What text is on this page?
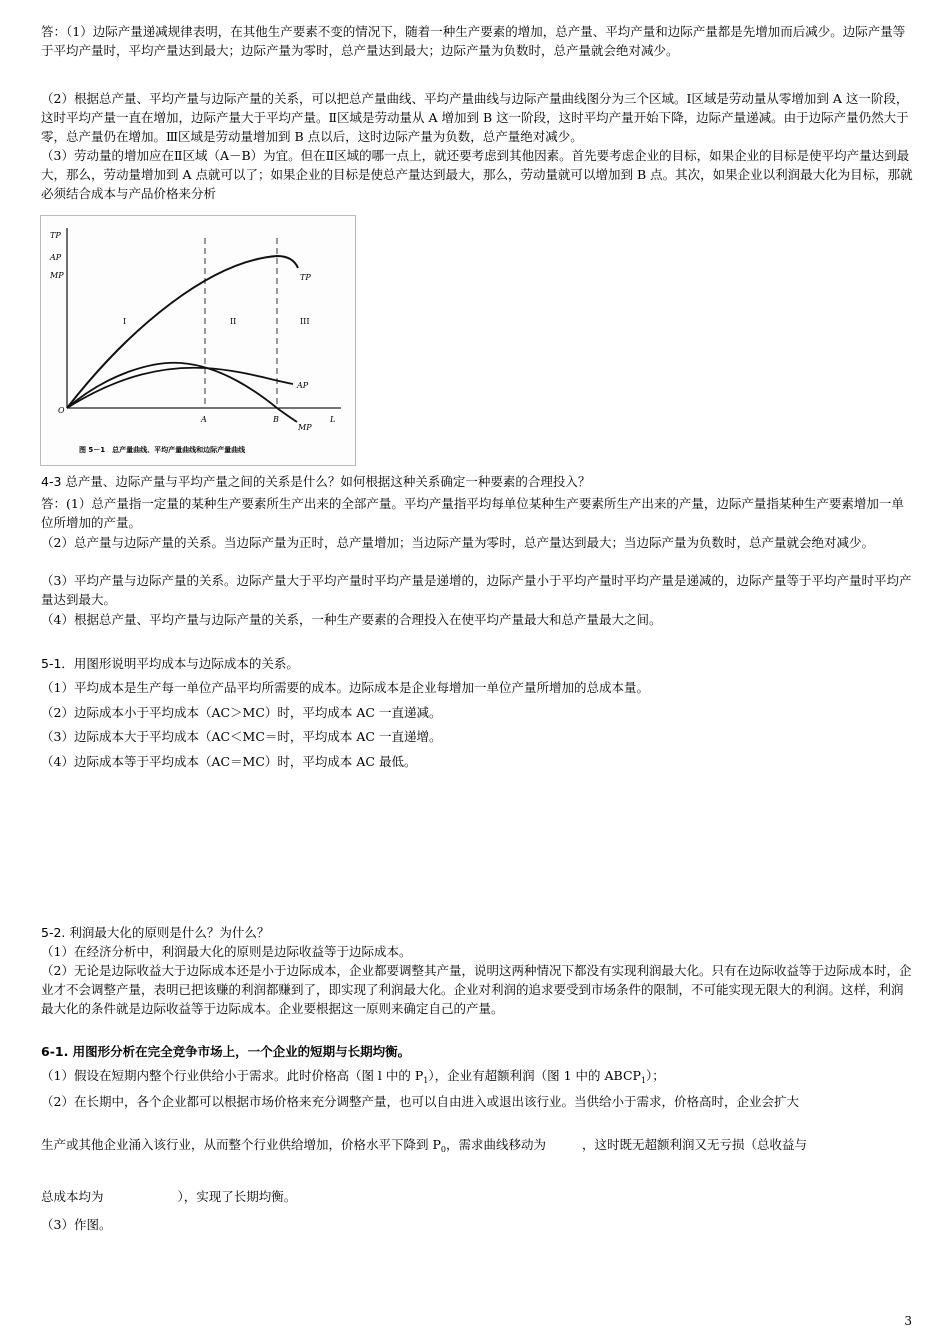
答：（1）边际产量递减规律表明，在其他生产要素不变的情况下，随着一种生产要素的增加，总产量、平均产量和边际产量都是先增加而后减少。边际产量等于平均产量时，平均产量达到最大；边际产量为零时，总产量达到最大；边际产量为负数时，总产量就会绝对减少。
（2）根据总产量、平均产量与边际产量的关系，可以把总产量曲线、平均产量曲线与边际产量曲线图分为三个区域。Ⅰ区域是劳动量从零增加到 A 这一阶段，这时平均产量一直在增加，边际产量大于平均产量。Ⅱ区域是劳动量从 A 增加到 B 这一阶段，这时平均产量开始下降，边际产量递减。由于边际产量仍然大于零，总产量仍在增加。Ⅲ区域是劳动量增加到 B 点以后，这时边际产量为负数，总产量绝对减少。
（3）劳动量的增加应在Ⅱ区域（A－B）为宜。但在Ⅱ区域的哪一点上，就还要考虑到其他因素。首先要考虑企业的目标，如果企业的目标是使平均产量达到最大，那么，劳动量增加到 A 点就可以了；如果企业的目标是使总产量达到最大，那么，劳动量就可以增加到 B 点。其次，如果企业以利润最大化为目标，那就必须结合成本与产品价格来分析
TP
AP
MP
O
A	B	L
I	II	III
TP
AP
MP
图 5－1　总产量曲线、平均产量曲线和边际产量曲线
4-3 总产量、边际产量与平均产量之间的关系是什么？如何根据这种关系确定一种要素的合理投入？
答：(1）总产量指一定量的某种生产要素所生产出来的全部产量。平均产量指平均每单位某种生产要素所生产出来的产量，边际产量指某种生产要素增加一单位所增加的产量。
（2）总产量与边际产量的关系。当边际产量为正时，总产量增加；当边际产量为零时，总产量达到最大；当边际产量为负数时，总产量就会绝对减少。
（3）平均产量与边际产量的关系。边际产量大于平均产量时平均产量是递增的，边际产量小于平均产量时平均产量是递减的，边际产量等于平均产量时平均产量达到最大。
（4）根据总产量、平均产量与边际产量的关系，一种生产要素的合理投入在使平均产量最大和总产量最大之间。
5-1．用图形说明平均成本与边际成本的关系。
（1）平均成本是生产每一单位产品平均所需要的成本。边际成本是企业每增加一单位产量所增加的总成本量。
（2）边际成本小于平均成本（AC＞MC）时，平均成本 AC 一直递减。
（3）边际成本大于平均成本（AC＜MC＝时，平均成本 AC 一直递增。
（4）边际成本等于平均成本（AC＝MC）时，平均成本 AC 最低。
5-2. 利润最大化的原则是什么？为什么？
（1）在经济分析中，利润最大化的原则是边际收益等于边际成本。
（2）无论是边际收益大于边际成本还是小于边际成本，企业都要调整其产量，说明这两种情况下都没有实现利润最大化。只有在边际收益等于边际成本时，企业才不会调整产量，表明已把该赚的利润都赚到了，即实现了利润最大化。企业对利润的追求要受到市场条件的限制，不可能实现无限大的利润。这样，利润最大化的条件就是边际收益等于边际成本。企业要根据这一原则来确定自己的产量。
6-1. 用图形分析在完全竞争市场上，一个企业的短期与长期均衡。
（1）假设在短期内整个行业供给小于需求。此时价格高（图 l 中的 $P_1$），企业有超额利润（图 1 中的 $ABCP_1$）；
（2）在长期中，各个企业都可以根据市场价格来充分调整产量，也可以自由进入或退出该行业。当供给小于需求，价格高时，企业会扩大
生产或其他企业涌入该行业，从而整个行业供给增加，价格水平下降到 $P_0$，需求曲线移动为	，这时既无超额利润又无亏损（总收益与
总成本均为	），实现了长期均衡。
（3）作图。
3
